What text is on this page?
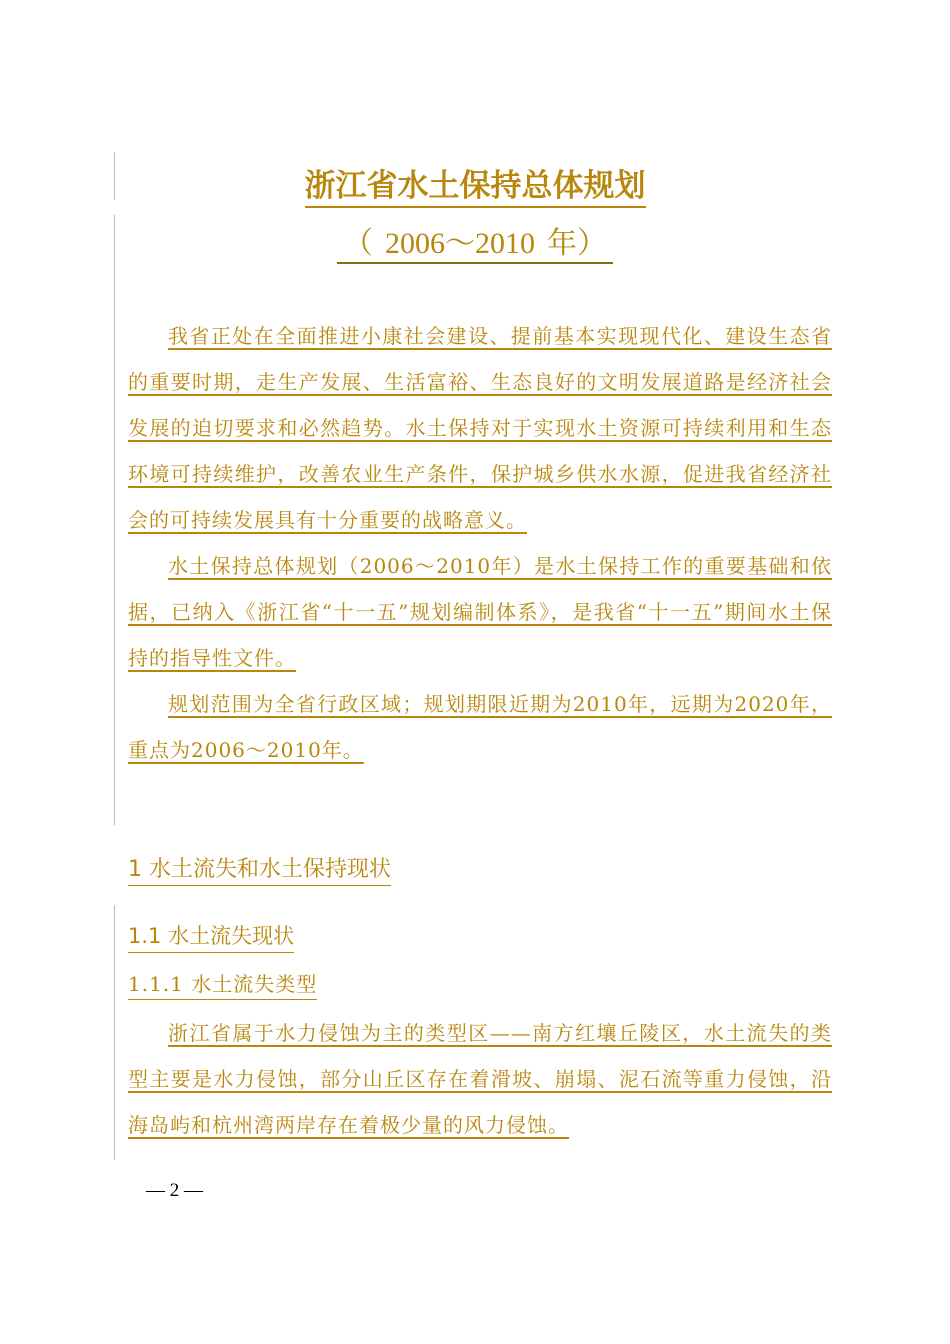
浙江省水土保持总体规划
（ 2006～2010 年）

我省正处在全面推进小康社会建设、提前基本实现现代化、建设生态省的重要时期，走生产发展、生活富裕、生态良好的文明发展道路是经济社会发展的迫切要求和必然趋势。水土保持对于实现水土资源可持续利用和生态环境可持续维护，改善农业生产条件，保护城乡供水水源，促进我省经济社会的可持续发展具有十分重要的战略意义。

水土保持总体规划（2006～2010年）是水土保持工作的重要基础和依据，已纳入《浙江省“十一五”规划编制体系》，是我省“十一五”期间水土保持的指导性文件。

规划范围为全省行政区域；规划期限近期为2010年，远期为2020年，重点为2006～2010年。

1 水土流失和水土保持现状
1.1 水土流失现状
1.1.1 水土流失类型

浙江省属于水力侵蚀为主的类型区——南方红壤丘陵区，水土流失的类型主要是水力侵蚀，部分山丘区存在着滑坡、崩塌、泥石流等重力侵蚀，沿海岛屿和杭州湾两岸存在着极少量的风力侵蚀。

— 2 —
